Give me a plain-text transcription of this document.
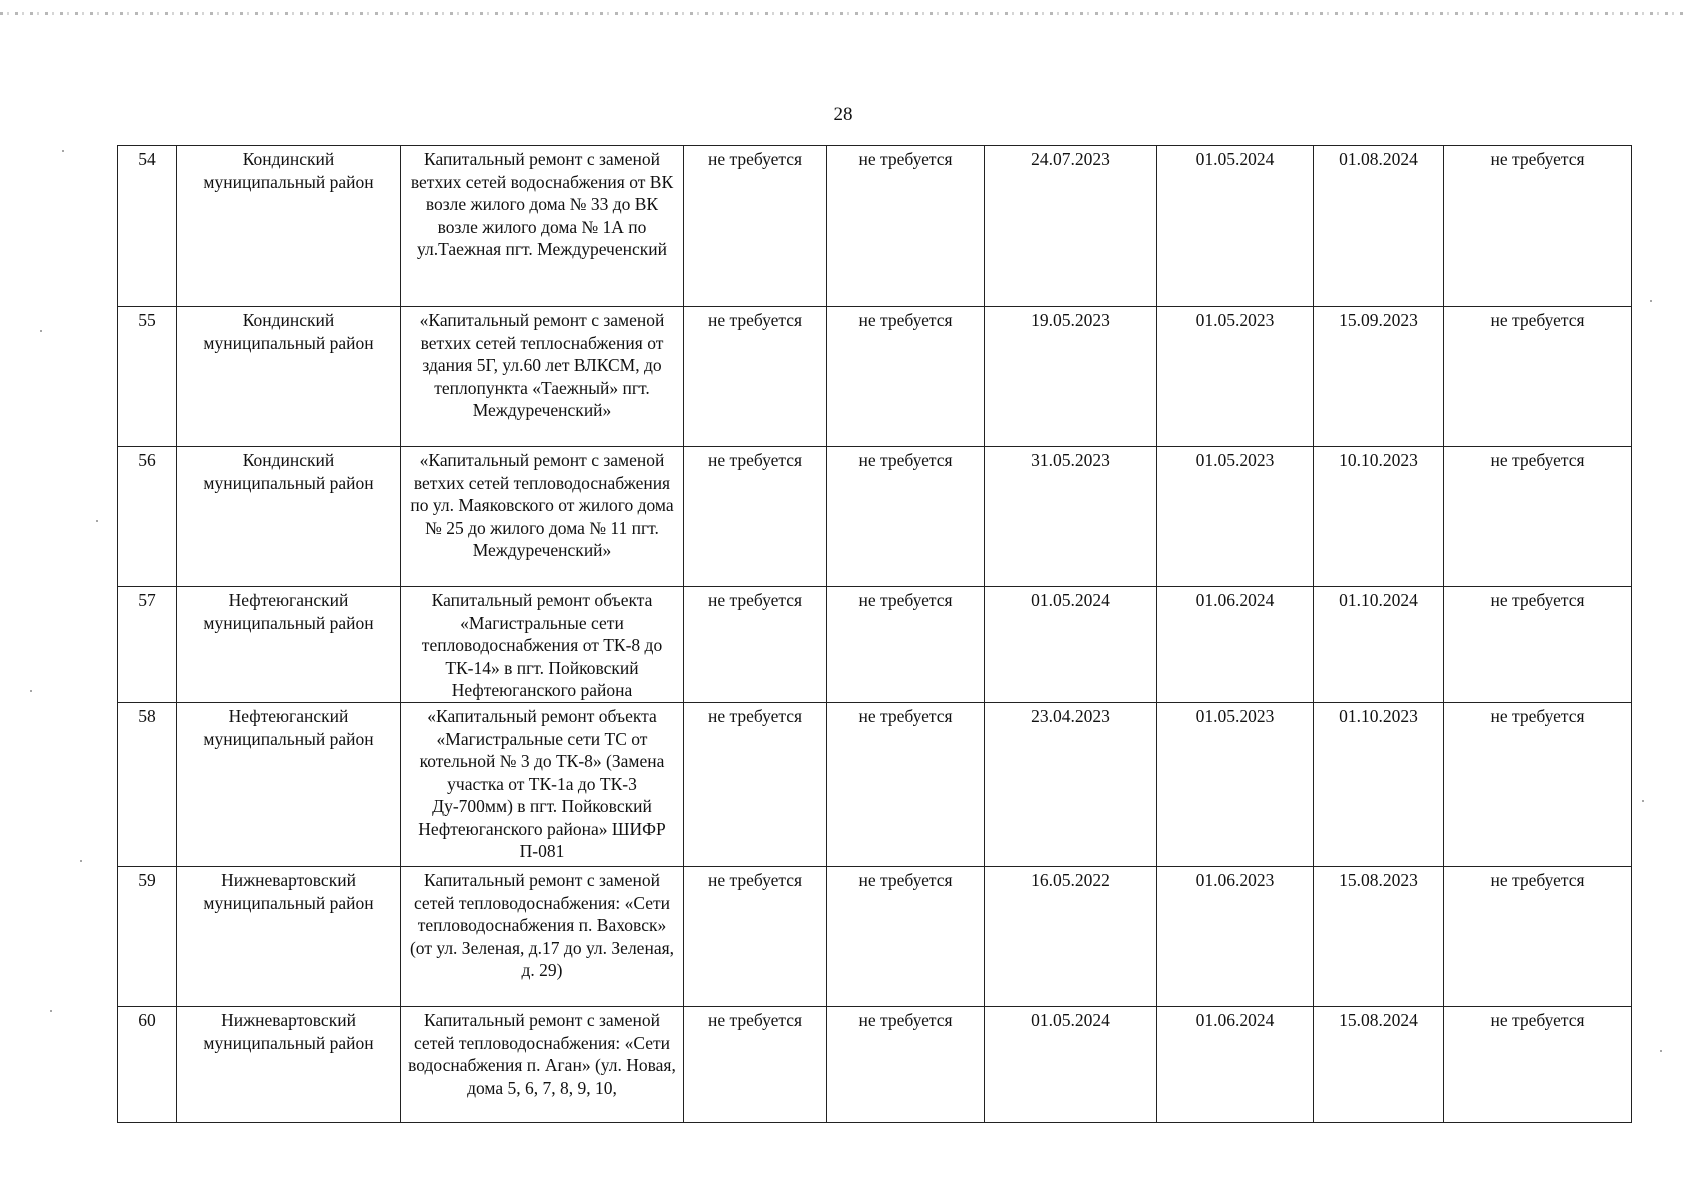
28
54	Кондинский муниципальный район	Капитальный ремонт с заменой ветхих сетей водоснабжения от ВК возле жилого дома № 33 до ВК возле жилого дома № 1А по ул.Таежная пгт. Междуреченский	не требуется	не требуется	24.07.2023	01.05.2024	01.08.2024	не требуется
55	Кондинский муниципальный район	«Капитальный ремонт с заменой ветхих сетей теплоснабжения от здания 5Г, ул.60 лет ВЛКСМ, до теплопункта «Таежный» пгт. Междуреченский»	не требуется	не требуется	19.05.2023	01.05.2023	15.09.2023	не требуется
56	Кондинский муниципальный район	«Капитальный ремонт с заменой ветхих сетей тепловодоснабжения по ул. Маяковского от жилого дома № 25 до жилого дома № 11 пгт. Междуреченский»	не требуется	не требуется	31.05.2023	01.05.2023	10.10.2023	не требуется
57	Нефтеюганский муниципальный район	Капитальный ремонт объекта «Магистральные сети тепловодоснабжения от ТК-8 до ТК-14» в пгт. Пойковский Нефтеюганского района	не требуется	не требуется	01.05.2024	01.06.2024	01.10.2024	не требуется
58	Нефтеюганский муниципальный район	«Капитальный ремонт объекта «Магистральные сети ТС от котельной № 3 до ТК-8» (Замена участка от ТК-1а до ТК-3 Ду-700мм) в пгт. Пойковский Нефтеюганского района» ШИФР П-081	не требуется	не требуется	23.04.2023	01.05.2023	01.10.2023	не требуется
59	Нижневартовский муниципальный район	Капитальный ремонт с заменой сетей тепловодоснабжения: «Сети тепловодоснабжения п. Ваховск» (от ул. Зеленая, д.17 до ул. Зеленая, д. 29)	не требуется	не требуется	16.05.2022	01.06.2023	15.08.2023	не требуется
60	Нижневартовский муниципальный район	Капитальный ремонт с заменой сетей тепловодоснабжения: «Сети водоснабжения п. Аган» (ул. Новая, дома 5, 6, 7, 8, 9, 10,	не требуется	не требуется	01.05.2024	01.06.2024	15.08.2024	не требуется
